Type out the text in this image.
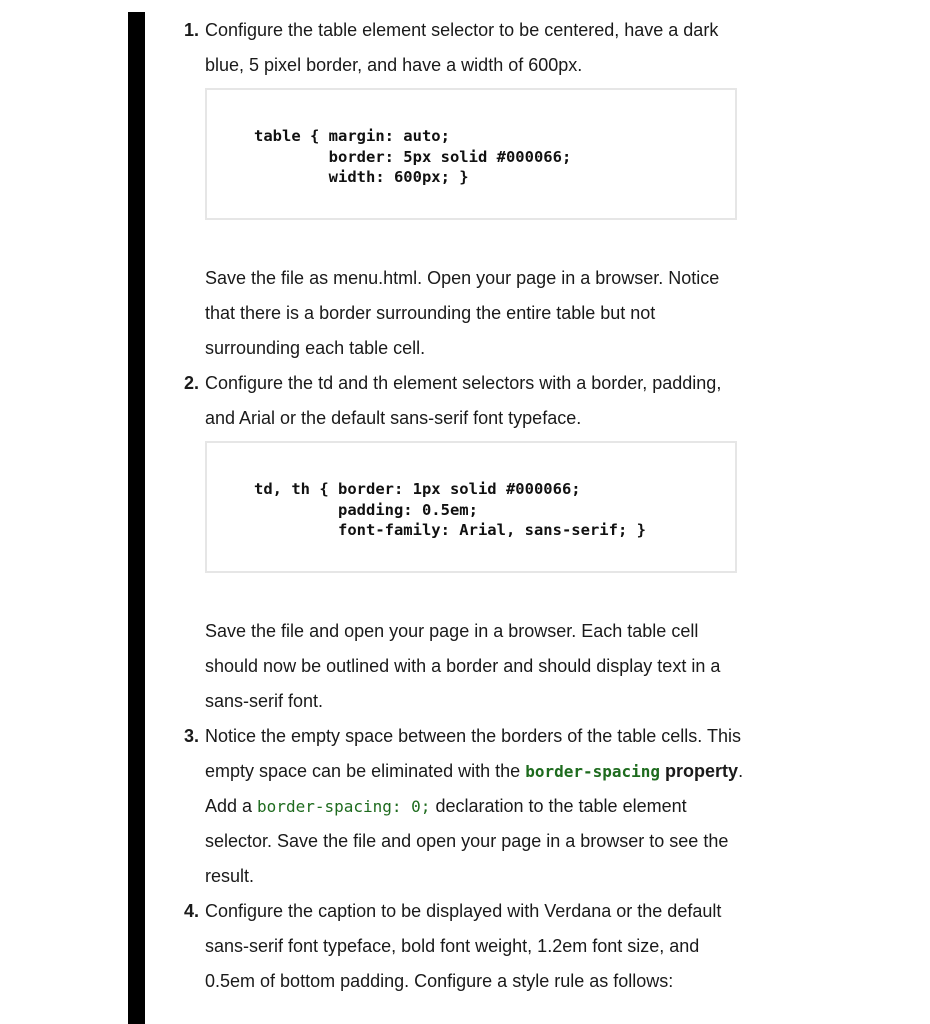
1. Configure the table element selector to be centered, have a dark blue, 5 pixel border, and have a width of 600px.

table { margin: auto;
border: 5px solid #000066;
width: 600px; }

Save the file as menu.html. Open your page in a browser. Notice that there is a border surrounding the entire table but not surrounding each table cell.

2. Configure the td and th element selectors with a border, padding, and Arial or the default sans-serif font typeface.

td, th { border: 1px solid #000066;
padding: 0.5em;
font-family: Arial, sans-serif; }

Save the file and open your page in a browser. Each table cell should now be outlined with a border and should display text in a sans-serif font.

3. Notice the empty space between the borders of the table cells. This empty space can be eliminated with the border-spacing property. Add a border-spacing: 0; declaration to the table element selector. Save the file and open your page in a browser to see the result.

4. Configure the caption to be displayed with Verdana or the default sans-serif font typeface, bold font weight, 1.2em font size, and 0.5em of bottom padding. Configure a style rule as follows:
